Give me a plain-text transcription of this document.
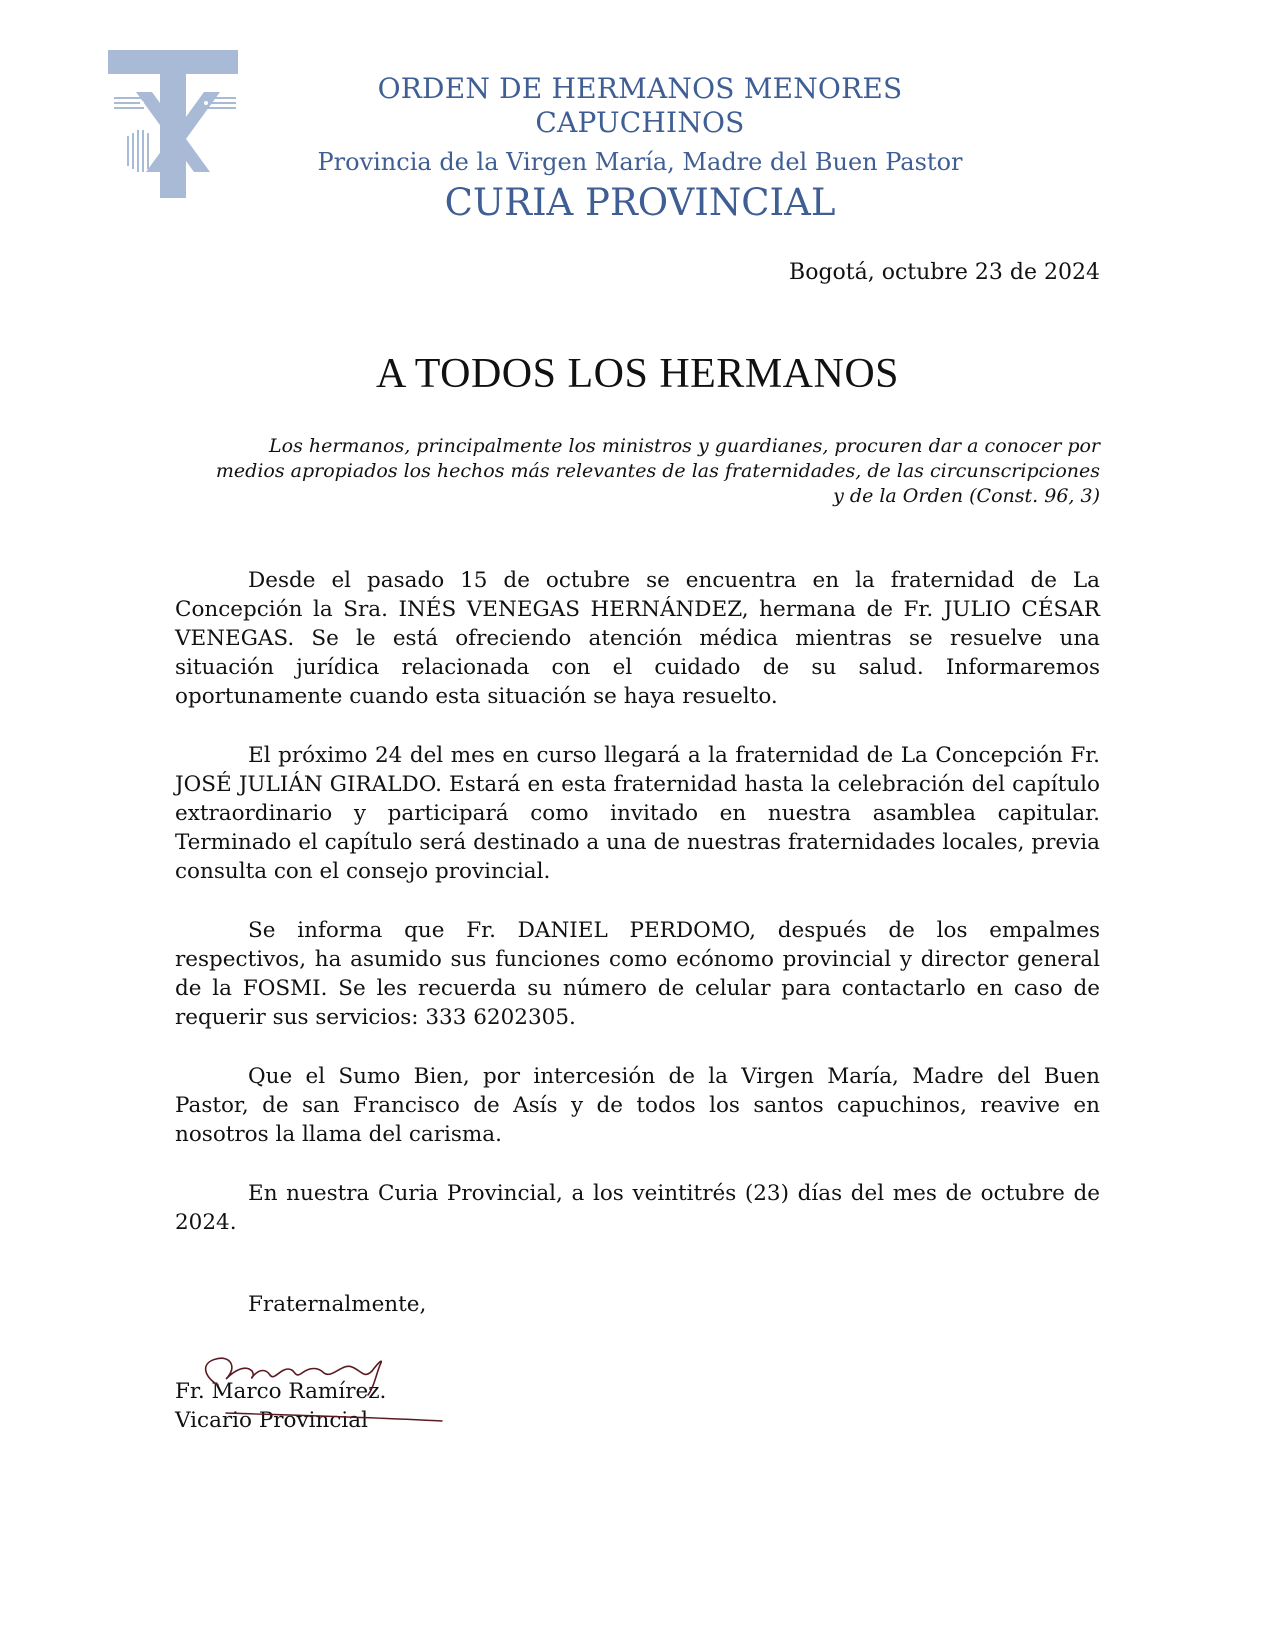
ORDEN DE HERMANOS MENORES CAPUCHINOS
Provincia de la Virgen María, Madre del Buen Pastor
CURIA PROVINCIAL
Bogotá, octubre 23 de 2024
A TODOS LOS HERMANOS
Los hermanos, principalmente los ministros y guardianes, procuren dar a conocer por medios apropiados los hechos más relevantes de las fraternidades, de las circunscripciones y de la Orden (Const. 96, 3)

Desde el pasado 15 de octubre se encuentra en la fraternidad de La Concepción la Sra. INÉS VENEGAS HERNÁNDEZ, hermana de Fr. JULIO CÉSAR VENEGAS. Se le está ofreciendo atención médica mientras se resuelve una situación jurídica relacionada con el cuidado de su salud. Informaremos oportunamente cuando esta situación se haya resuelto.

El próximo 24 del mes en curso llegará a la fraternidad de La Concepción Fr. JOSÉ JULIÁN GIRALDO. Estará en esta fraternidad hasta la celebración del capítulo extraordinario y participará como invitado en nuestra asamblea capitular. Terminado el capítulo será destinado a una de nuestras fraternidades locales, previa consulta con el consejo provincial.

Se informa que Fr. DANIEL PERDOMO, después de los empalmes respectivos, ha asumido sus funciones como ecónomo provincial y director general de la FOSMI. Se les recuerda su número de celular para contactarlo en caso de requerir sus servicios: 333 6202305.

Que el Sumo Bien, por intercesión de la Virgen María, Madre del Buen Pastor, de san Francisco de Asís y de todos los santos capuchinos, reavive en nosotros la llama del carisma.

En nuestra Curia Provincial, a los veintitrés (23) días del mes de octubre de 2024.

Fraternalmente,
Fr. Marco Ramírez.
Vicario Provincial
